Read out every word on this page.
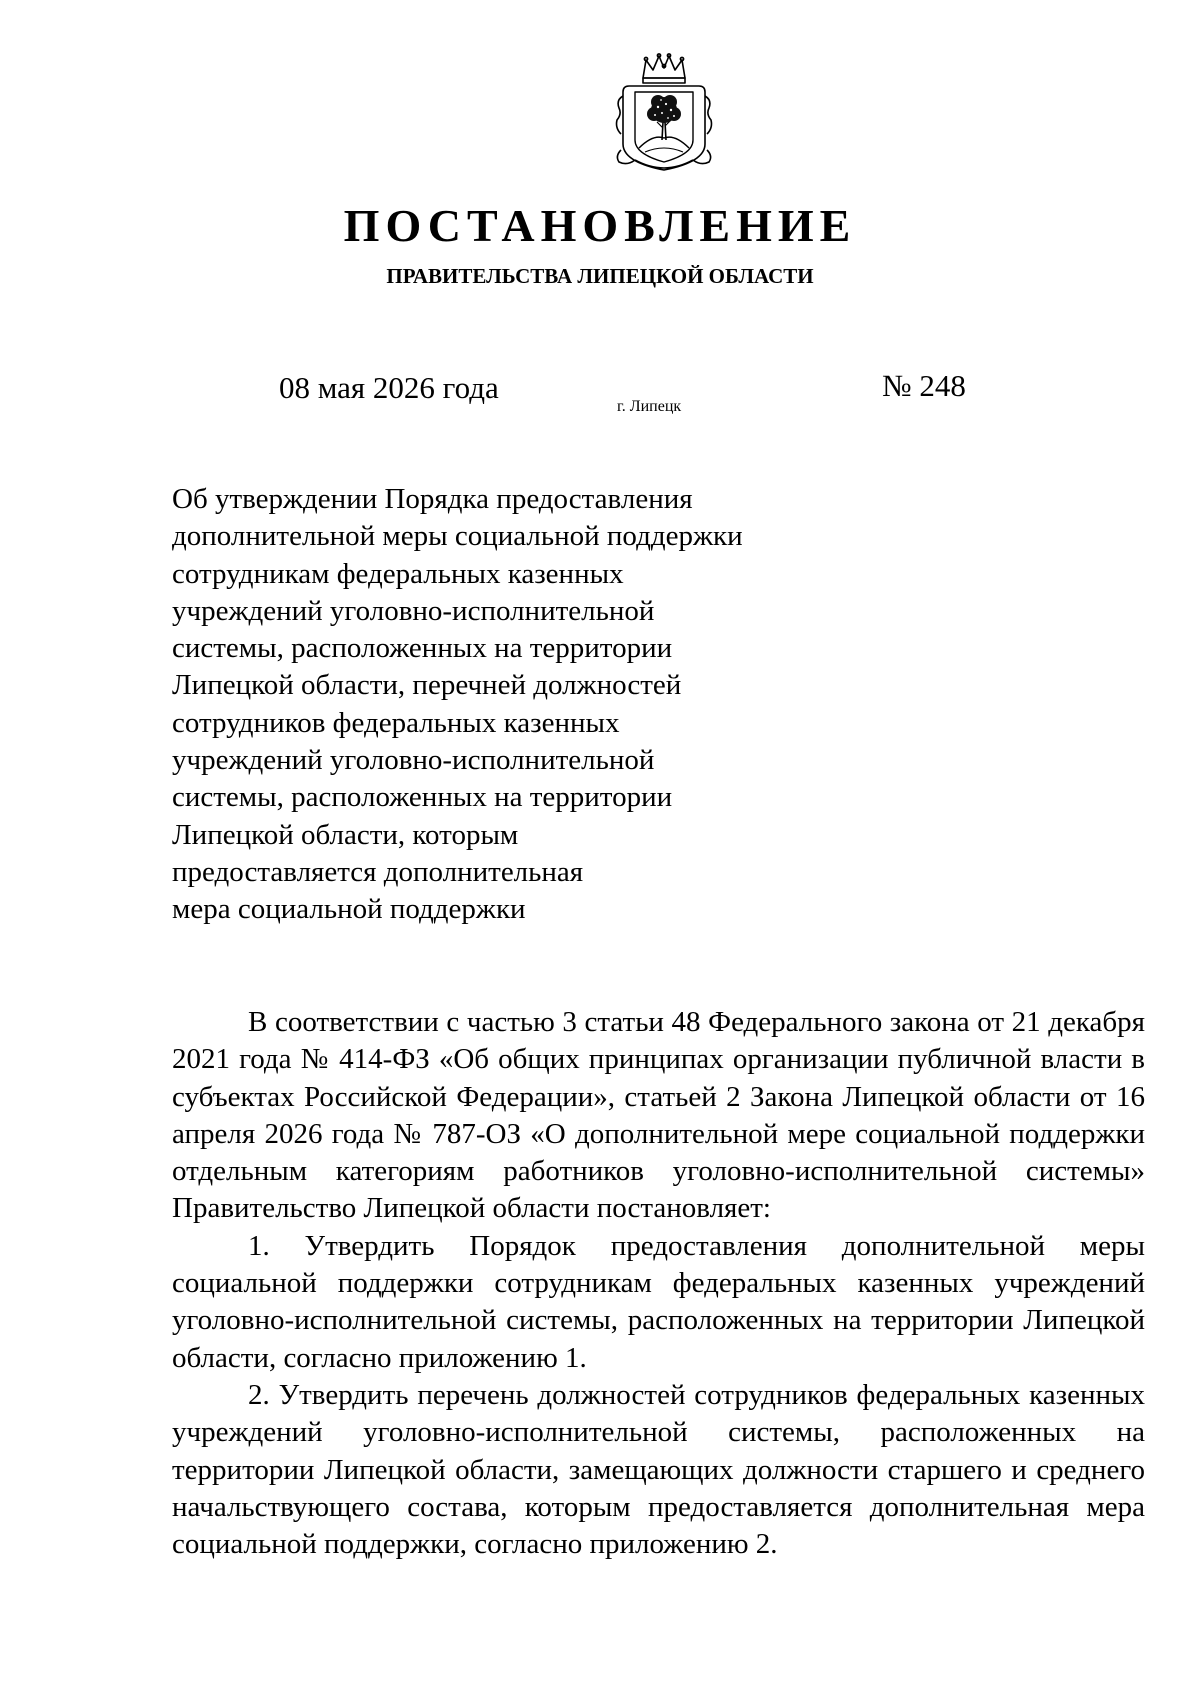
ПОСТАНОВЛЕНИЕ
ПРАВИТЕЛЬСТВА ЛИПЕЦКОЙ ОБЛАСТИ
08 мая 2026 года
г. Липецк
№ 248
Об утверждении Порядка предоставления
дополнительной меры социальной поддержки
сотрудникам федеральных казенных
учреждений уголовно-исполнительной
системы, расположенных на территории
Липецкой области, перечней должностей
сотрудников федеральных казенных
учреждений уголовно-исполнительной
системы, расположенных на территории
Липецкой области, которым
предоставляется дополнительная
мера социальной поддержки

В соответствии с частью 3 статьи 48 Федерального закона от 21 декабря 2021 года № 414-ФЗ «Об общих принципах организации публичной власти в субъектах Российской Федерации», статьей 2 Закона Липецкой области от 16 апреля 2026 года № 787-ОЗ «О дополнительной мере социальной поддержки отдельным категориям работников уголовно-исполнительной системы» Правительство Липецкой области постановляет:

1. Утвердить Порядок предоставления дополнительной меры социальной поддержки сотрудникам федеральных казенных учреждений уголовно-исполнительной системы, расположенных на территории Липецкой области, согласно приложению 1.

2. Утвердить перечень должностей сотрудников федеральных казенных учреждений уголовно-исполнительной системы, расположенных на территории Липецкой области, замещающих должности старшего и среднего начальствующего состава, которым предоставляется дополнительная мера социальной поддержки, согласно приложению 2.
